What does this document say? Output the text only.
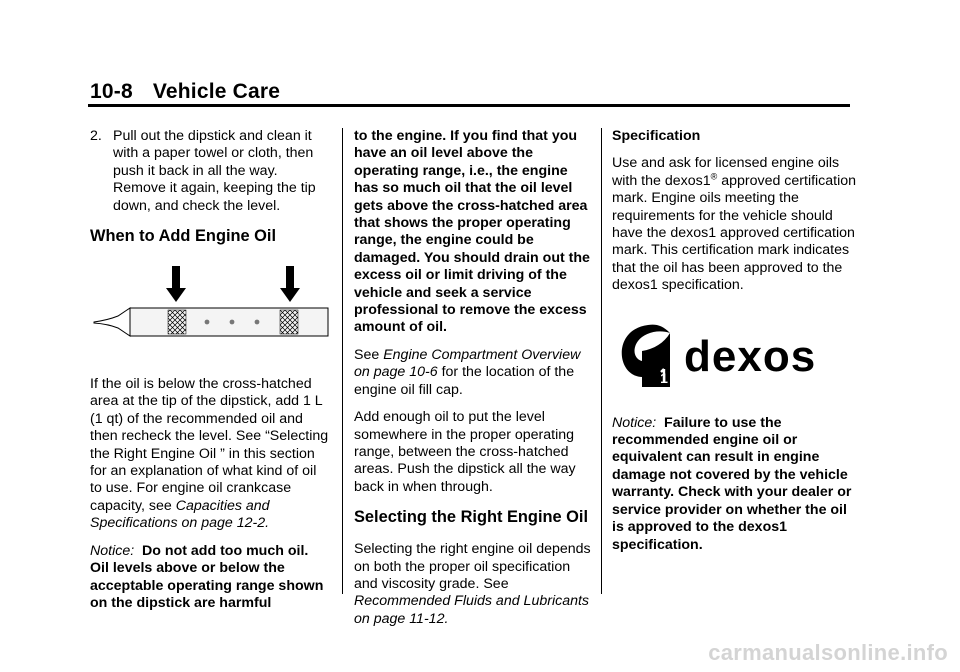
10-8 Vehicle Care

2. Pull out the dipstick and clean it with a paper towel or cloth, then push it back in all the way. Remove it again, keeping the tip down, and check the level.

When to Add Engine Oil

If the oil is below the cross-hatched area at the tip of the dipstick, add 1 L (1 qt) of the recommended oil and then recheck the level. See “Selecting the Right Engine Oil ” in this section for an explanation of what kind of oil to use. For engine oil crankcase capacity, see Capacities and Specifications on page 12-2.

Notice: Do not add too much oil. Oil levels above or below the acceptable operating range shown on the dipstick are harmful

to the engine. If you find that you have an oil level above the operating range, i.e., the engine has so much oil that the oil level gets above the cross-hatched area that shows the proper operating range, the engine could be damaged. You should drain out the excess oil or limit driving of the vehicle and seek a service professional to remove the excess amount of oil.

See Engine Compartment Overview on page 10-6 for the location of the engine oil fill cap.

Add enough oil to put the level somewhere in the proper operating range, between the cross-hatched areas. Push the dipstick all the way back in when through.

Selecting the Right Engine Oil

Selecting the right engine oil depends on both the proper oil specification and viscosity grade. See Recommended Fluids and Lubricants on page 11-12.

Specification

Use and ask for licensed engine oils with the dexos1® approved certification mark. Engine oils meeting the requirements for the vehicle should have the dexos1 approved certification mark. This certification mark indicates that the oil has been approved to the dexos1 specification.

1 dexos

Notice: Failure to use the recommended engine oil or equivalent can result in engine damage not covered by the vehicle warranty. Check with your dealer or service provider on whether the oil is approved to the dexos1 specification.

carmanualsonline.info
